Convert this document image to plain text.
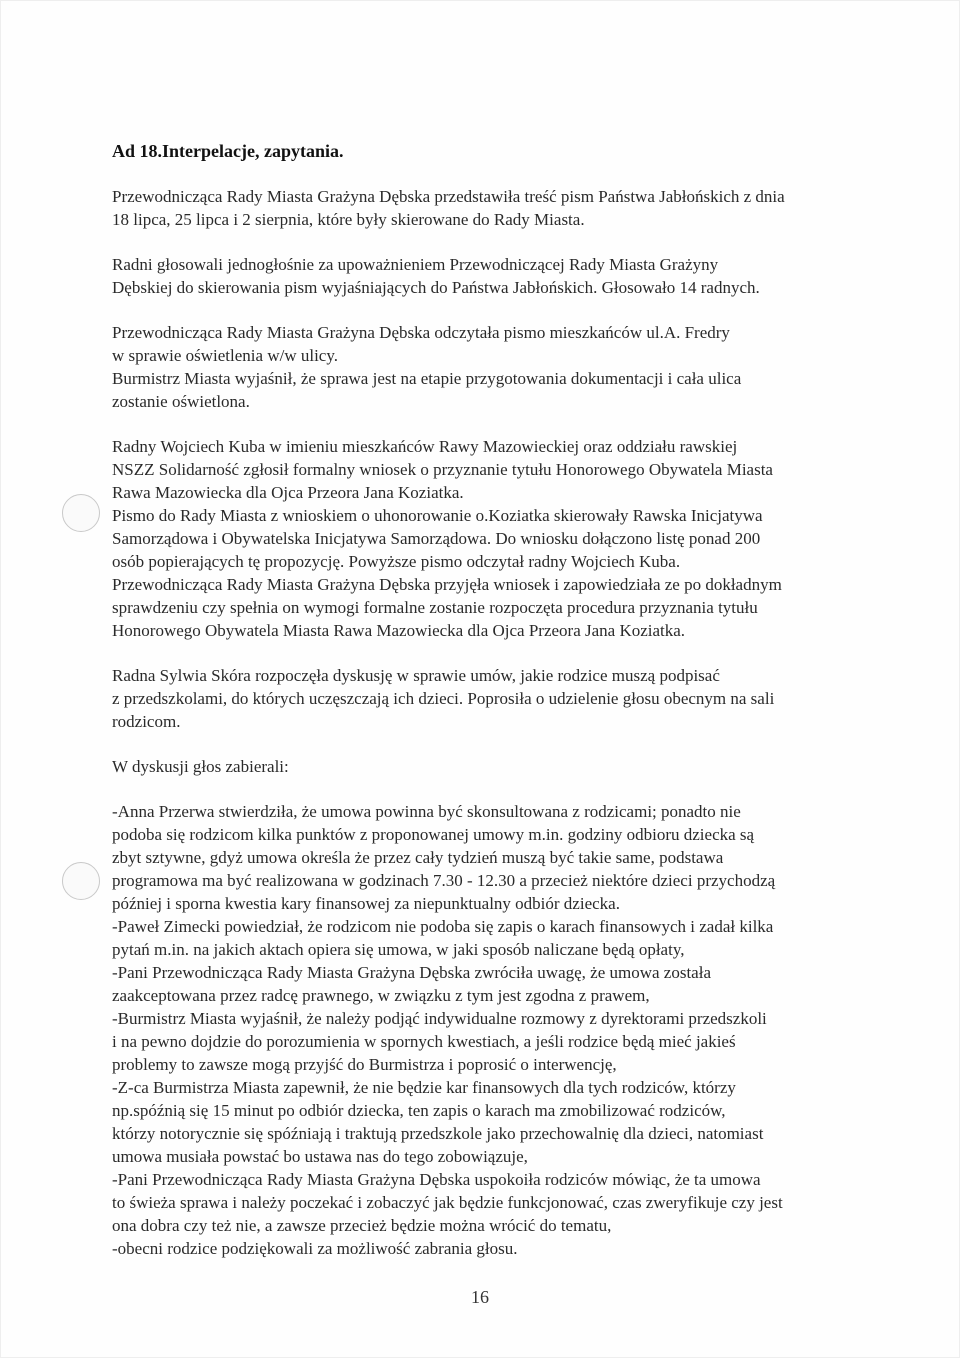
Ad 18.Interpelacje, zapytania.
Przewodnicząca Rady Miasta Grażyna Dębska przedstawiła treść pism Państwa Jabłońskich z dnia
18 lipca, 25 lipca i 2 sierpnia, które były skierowane do Rady Miasta.
Radni głosowali jednogłośnie za upoważnieniem Przewodniczącej Rady Miasta Grażyny
Dębskiej do skierowania pism wyjaśniających do Państwa Jabłońskich. Głosowało 14 radnych.
Przewodnicząca Rady Miasta Grażyna Dębska odczytała pismo mieszkańców ul.A. Fredry
w sprawie oświetlenia w/w ulicy.
Burmistrz Miasta wyjaśnił, że sprawa jest na etapie przygotowania dokumentacji i cała ulica
zostanie oświetlona.
Radny Wojciech Kuba w imieniu mieszkańców Rawy Mazowieckiej oraz oddziału rawskiej
NSZZ Solidarność zgłosił formalny wniosek o przyznanie tytułu Honorowego Obywatela Miasta
Rawa Mazowiecka dla Ojca Przeora Jana Koziatka.
Pismo do Rady Miasta z wnioskiem o uhonorowanie o.Koziatka skierowały Rawska Inicjatywa
Samorządowa i Obywatelska Inicjatywa Samorządowa. Do wniosku dołączono listę ponad 200
osób popierających tę propozycję. Powyższe pismo odczytał radny Wojciech Kuba.
Przewodnicząca Rady Miasta Grażyna Dębska przyjęła wniosek i zapowiedziała ze po dokładnym
sprawdzeniu czy spełnia on wymogi formalne zostanie rozpoczęta procedura przyznania tytułu
Honorowego Obywatela Miasta Rawa Mazowiecka dla Ojca Przeora Jana Koziatka.
Radna Sylwia Skóra rozpoczęła dyskusję w sprawie umów, jakie rodzice muszą podpisać
z przedszkolami, do których uczęszczają ich dzieci. Poprosiła o udzielenie głosu obecnym na sali
rodzicom.
W dyskusji głos zabierali:
-Anna Przerwa stwierdziła, że umowa powinna być skonsultowana z rodzicami; ponadto nie
podoba się rodzicom kilka punktów z proponowanej umowy m.in. godziny odbioru dziecka są
zbyt sztywne, gdyż umowa określa że przez cały tydzień muszą być takie same, podstawa
programowa ma być realizowana w godzinach 7.30 - 12.30 a przecież niektóre dzieci przychodzą
później i sporna kwestia kary finansowej za niepunktualny odbiór dziecka.
-Paweł Zimecki powiedział, że rodzicom nie podoba się zapis o karach finansowych i zadał kilka
pytań m.in. na jakich aktach opiera się umowa, w jaki sposób naliczane będą opłaty,
-Pani Przewodnicząca Rady Miasta Grażyna Dębska zwróciła uwagę, że umowa została
zaakceptowana przez radcę prawnego, w związku z tym jest zgodna z prawem,
-Burmistrz Miasta wyjaśnił, że należy podjąć indywidualne rozmowy z dyrektorami przedszkoli
i na pewno dojdzie do porozumienia w spornych kwestiach, a jeśli rodzice będą mieć jakieś
problemy to zawsze mogą przyjść do Burmistrza i poprosić o interwencję,
-Z-ca Burmistrza Miasta zapewnił, że nie będzie kar finansowych dla tych rodziców, którzy
np.spóźnią się 15 minut po odbiór dziecka, ten zapis o karach ma zmobilizować rodziców,
którzy notorycznie się spóźniają i traktują przedszkole jako przechowalnię dla dzieci, natomiast
umowa musiała powstać bo ustawa nas do tego zobowiązuje,
-Pani Przewodnicząca Rady Miasta Grażyna Dębska uspokoiła rodziców mówiąc, że ta umowa
to świeża sprawa i należy poczekać i zobaczyć jak będzie funkcjonować, czas zweryfikuje czy jest
ona dobra czy też nie, a zawsze przecież będzie można wrócić do tematu,
-obecni rodzice podziękowali za możliwość zabrania głosu.
16
